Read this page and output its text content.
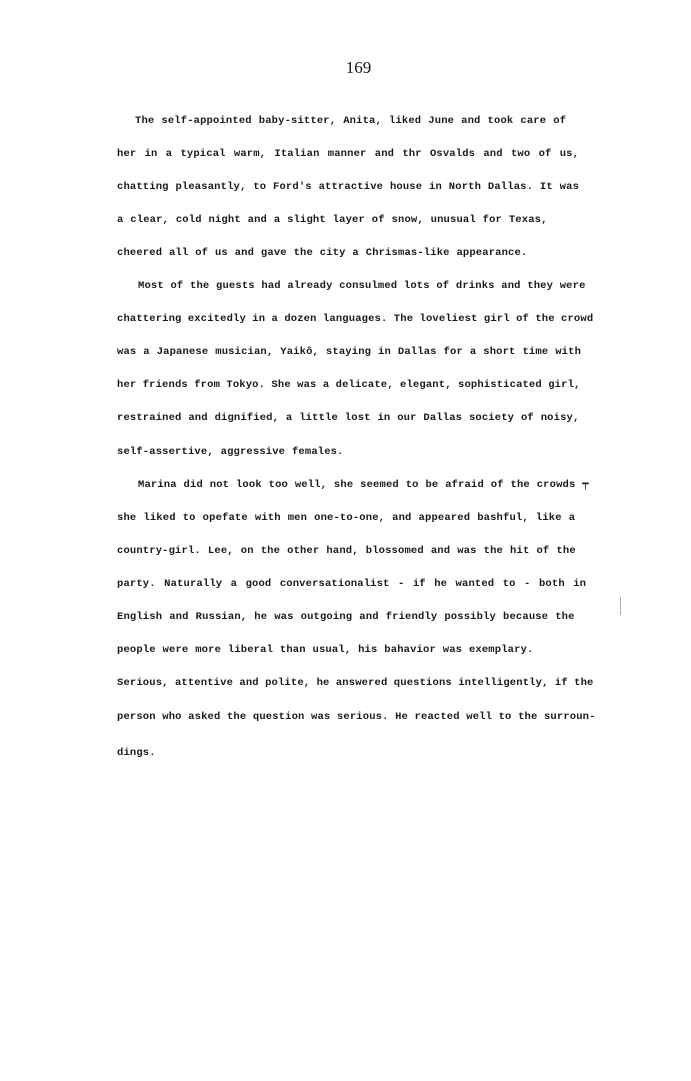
169
The self-appointed baby-sitter, Anita, liked June and took care of
her in a typical warm, Italian manner and thr Osvalds and two of us,
chatting pleasantly, to Ford's attractive house in North Dallas. It was
a clear, cold night and a slight layer of snow, unusual for Texas,
cheered all of us and gave the city a Chrismas-like appearance.
Most of the guests had already consulmed lots of drinks and they were
chattering excitedly in a dozen languages. The loveliest girl of the crowd
was a Japanese musician, Yaikô, staying in Dallas for a short time with
her friends from Tokyo. She was a delicate, elegant, sophisticated girl,
restrained and dignified, a little lost in our Dallas society of noisy,
self-assertive, aggressive females.
Marina did not look too well, she seemed to be afraid of the crowds ┯
she liked to opefate with men one-to-one, and appeared bashful, like a
country-girl. Lee, on the other hand, blossomed and was the hit of the
party. Naturally a good conversationalist - if he wanted to - both in
English and Russian, he was outgoing and friendly possibly because the
people were more liberal than usual, his bahavior was exemplary.
Serious, attentive and polite, he answered questions intelligently, if the
person who asked the question was serious. He reacted well to the surroun-
dings.
